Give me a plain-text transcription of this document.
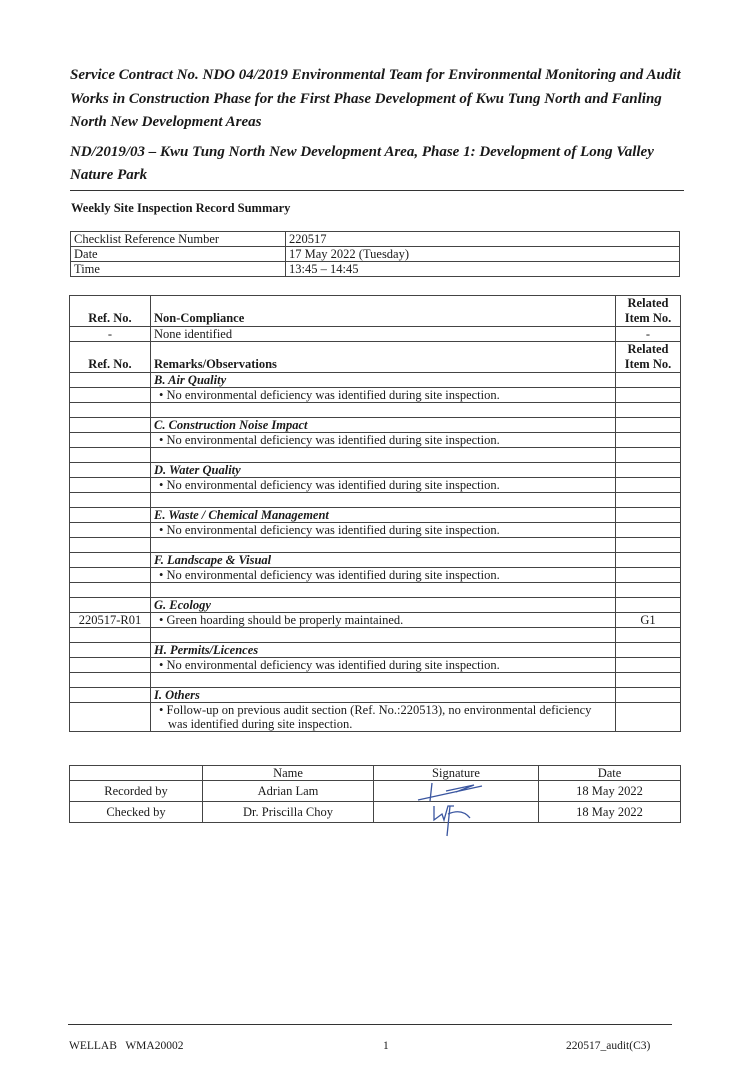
Service Contract No. NDO 04/2019 Environmental Team for Environmental Monitoring and Audit Works in Construction Phase for the First Phase Development of Kwu Tung North and Fanling North New Development Areas

ND/2019/03 – Kwu Tung North New Development Area, Phase 1: Development of Long Valley Nature Park

Weekly Site Inspection Record Summary
Checklist Reference Number	220517
Date	17 May 2022 (Tuesday)
Time	13:45 – 14:45
Ref. No.	Non-Compliance	Related
Item No.
-	None identified	-
Ref. No.	Remarks/Observations	Related
Item No.
	B. Air Quality	
	• No environmental deficiency was identified during site inspection.	

	C. Construction Noise Impact	
	• No environmental deficiency was identified during site inspection.	

	D. Water Quality	
	• No environmental deficiency was identified during site inspection.	

	E. Waste / Chemical Management	
	• No environmental deficiency was identified during site inspection.	

	F. Landscape & Visual	
	• No environmental deficiency was identified during site inspection.	

	G. Ecology	
220517-R01	• Green hoarding should be properly maintained.	G1

	H. Permits/Licences	
	• No environmental deficiency was identified during site inspection.	

	I. Others	
	• Follow-up on previous audit section (Ref. No.:220513), no environmental deficiency
was identified during site inspection.	

	Name	Signature	Date
Recorded by	Adrian Lam		18 May 2022
Checked by	Dr. Priscilla Choy		18 May 2022
WELLAB   WMA20002	1	220517_audit(C3)
